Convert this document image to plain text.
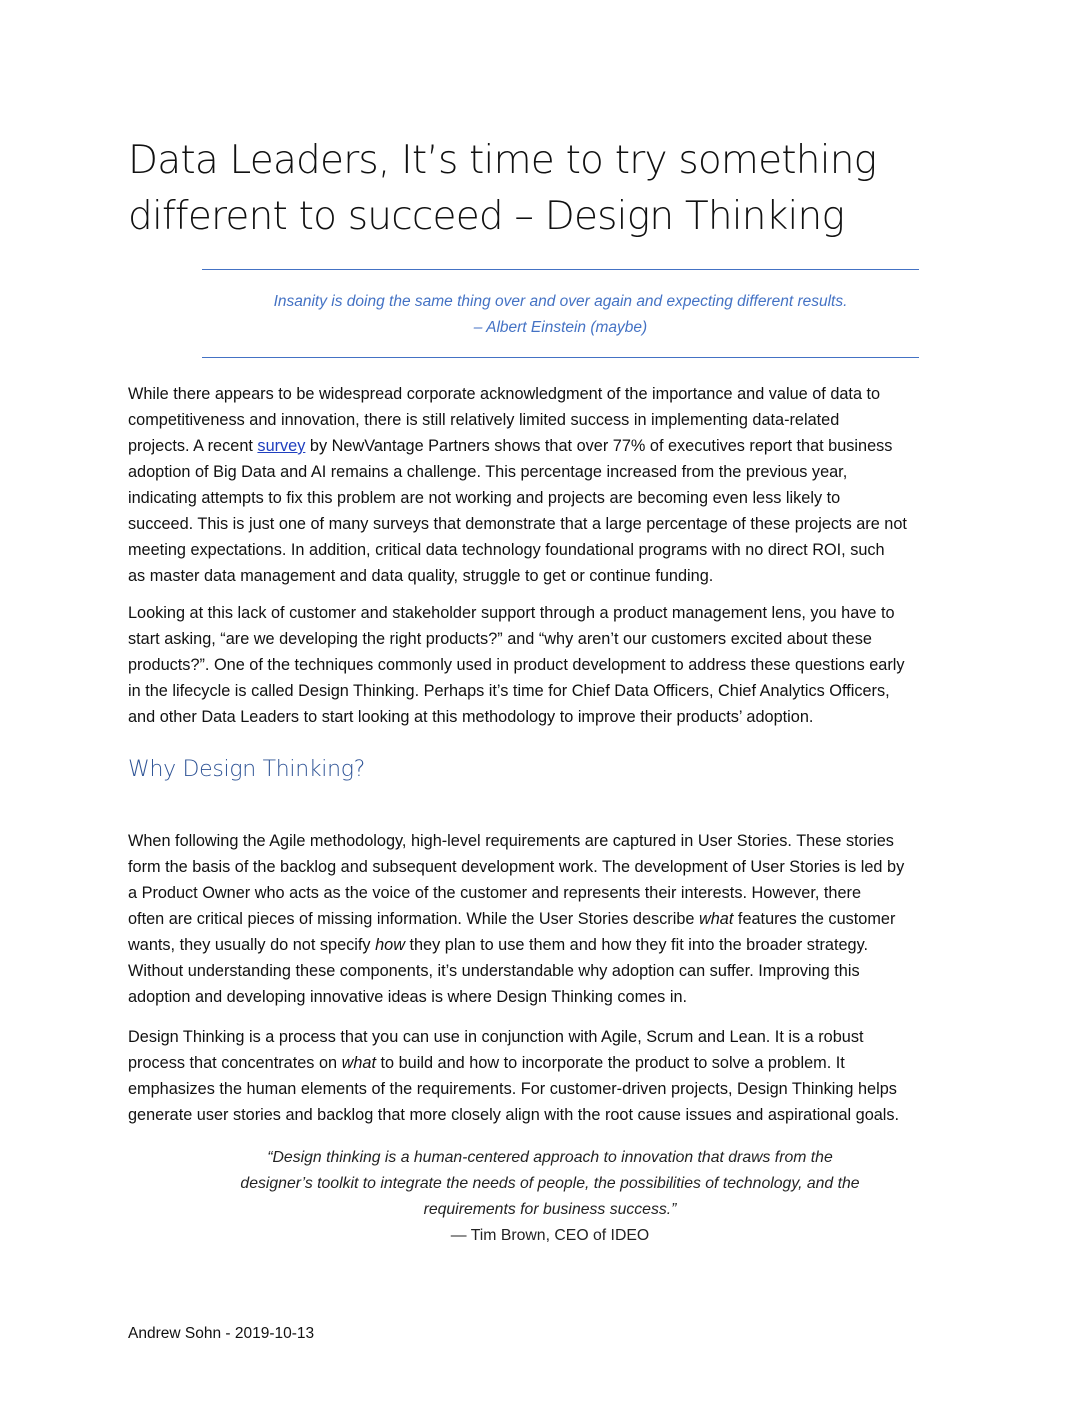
Data Leaders, It’s time to try something
different to succeed – Design Thinking
Insanity is doing the same thing over and over again and expecting different results.
– Albert Einstein (maybe)

While there appears to be widespread corporate acknowledgment of the importance and value of data to
competitiveness and innovation, there is still relatively limited success in implementing data-related
projects. A recent survey by NewVantage Partners shows that over 77% of executives report that business
adoption of Big Data and AI remains a challenge. This percentage increased from the previous year,
indicating attempts to fix this problem are not working and projects are becoming even less likely to
succeed. This is just one of many surveys that demonstrate that a large percentage of these projects are not
meeting expectations. In addition, critical data technology foundational programs with no direct ROI, such
as master data management and data quality, struggle to get or continue funding.

Looking at this lack of customer and stakeholder support through a product management lens, you have to
start asking, “are we developing the right products?” and “why aren’t our customers excited about these
products?”. One of the techniques commonly used in product development to address these questions early
in the lifecycle is called Design Thinking. Perhaps it’s time for Chief Data Officers, Chief Analytics Officers,
and other Data Leaders to start looking at this methodology to improve their products’ adoption.

Why Design Thinking?

When following the Agile methodology, high-level requirements are captured in User Stories. These stories
form the basis of the backlog and subsequent development work. The development of User Stories is led by
a Product Owner who acts as the voice of the customer and represents their interests. However, there
often are critical pieces of missing information. While the User Stories describe what features the customer
wants, they usually do not specify how they plan to use them and how they fit into the broader strategy.
Without understanding these components, it’s understandable why adoption can suffer. Improving this
adoption and developing innovative ideas is where Design Thinking comes in.

Design Thinking is a process that you can use in conjunction with Agile, Scrum and Lean. It is a robust
process that concentrates on what to build and how to incorporate the product to solve a problem. It
emphasizes the human elements of the requirements. For customer-driven projects, Design Thinking helps
generate user stories and backlog that more closely align with the root cause issues and aspirational goals.

“Design thinking is a human-centered approach to innovation that draws from the
designer’s toolkit to integrate the needs of people, the possibilities of technology, and the
requirements for business success.”
— Tim Brown, CEO of IDEO
Andrew Sohn - 2019-10-13
